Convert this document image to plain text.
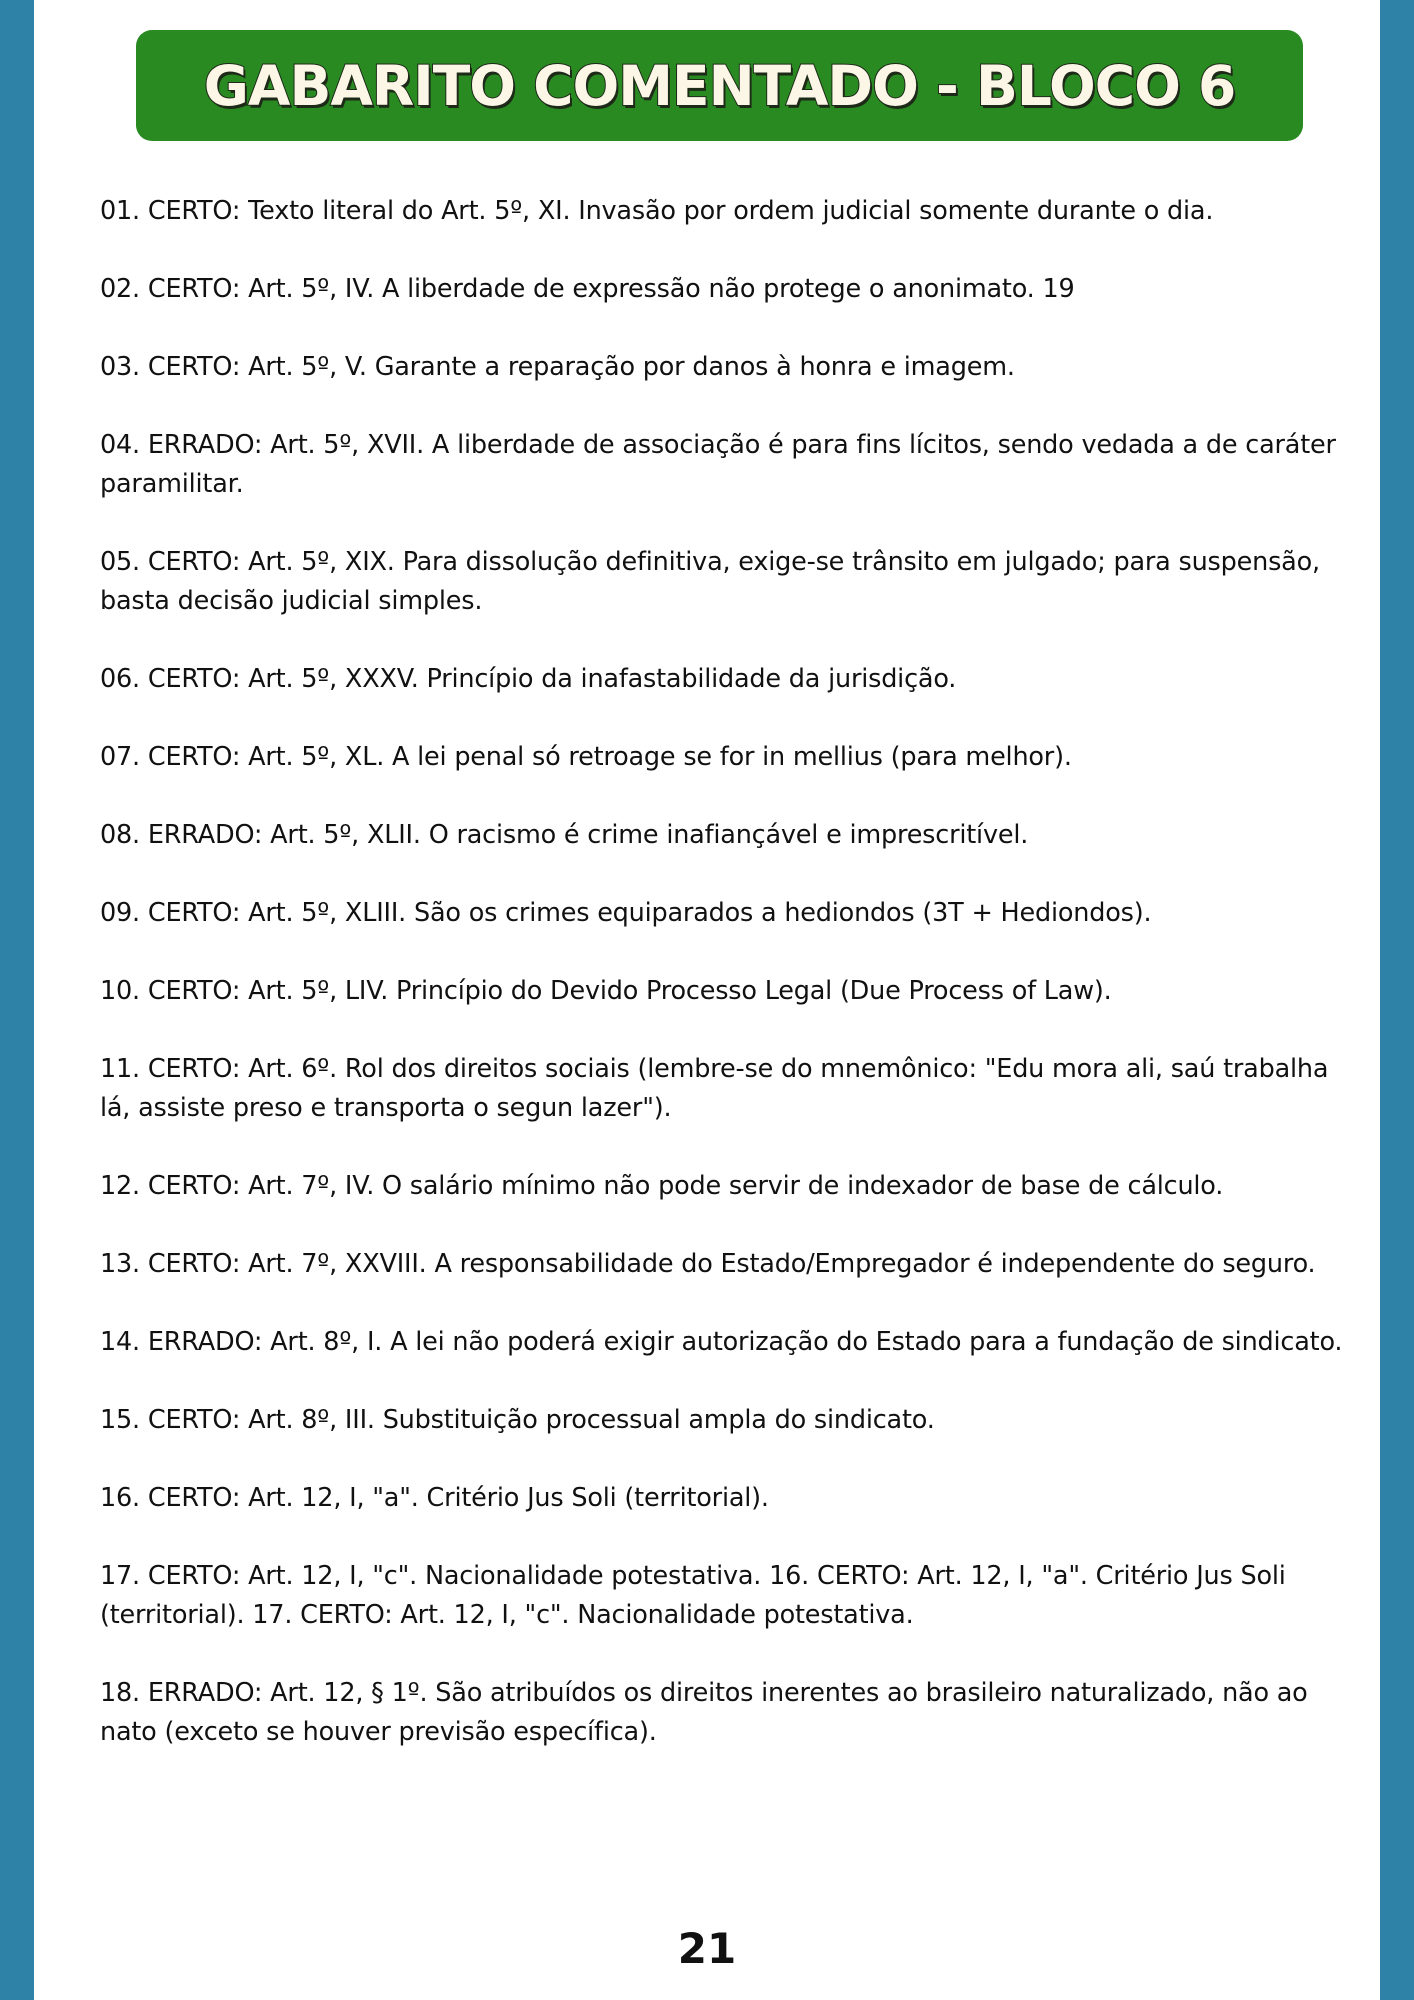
GABARITO COMENTADO - BLOCO 6
01. CERTO: Texto literal do Art. 5º, XI. Invasão por ordem judicial somente durante o dia.
02. CERTO: Art. 5º, IV. A liberdade de expressão não protege o anonimato. 19
03. CERTO: Art. 5º, V. Garante a reparação por danos à honra e imagem.
04. ERRADO: Art. 5º, XVII. A liberdade de associação é para fins lícitos, sendo vedada a de caráter paramilitar.
05. CERTO: Art. 5º, XIX. Para dissolução definitiva, exige-se trânsito em julgado; para suspensão, basta decisão judicial simples.
06. CERTO: Art. 5º, XXXV. Princípio da inafastabilidade da jurisdição.
07. CERTO: Art. 5º, XL. A lei penal só retroage se for in mellius (para melhor).
08. ERRADO: Art. 5º, XLII. O racismo é crime inafiançável e imprescritível.
09. CERTO: Art. 5º, XLIII. São os crimes equiparados a hediondos (3T + Hediondos).
10. CERTO: Art. 5º, LIV. Princípio do Devido Processo Legal (Due Process of Law).
11. CERTO: Art. 6º. Rol dos direitos sociais (lembre-se do mnemônico: "Edu mora ali, saú trabalha lá, assiste preso e transporta o segun lazer").
12. CERTO: Art. 7º, IV. O salário mínimo não pode servir de indexador de base de cálculo.
13. CERTO: Art. 7º, XXVIII. A responsabilidade do Estado/Empregador é independente do seguro.
14. ERRADO: Art. 8º, I. A lei não poderá exigir autorização do Estado para a fundação de sindicato.
15. CERTO: Art. 8º, III. Substituição processual ampla do sindicato.
16. CERTO: Art. 12, I, "a". Critério Jus Soli (territorial).
17. CERTO: Art. 12, I, "c". Nacionalidade potestativa. 16. CERTO: Art. 12, I, "a". Critério Jus Soli (territorial). 17. CERTO: Art. 12, I, "c". Nacionalidade potestativa.
18. ERRADO: Art. 12, § 1º. São atribuídos os direitos inerentes ao brasileiro naturalizado, não ao nato (exceto se houver previsão específica).
21
